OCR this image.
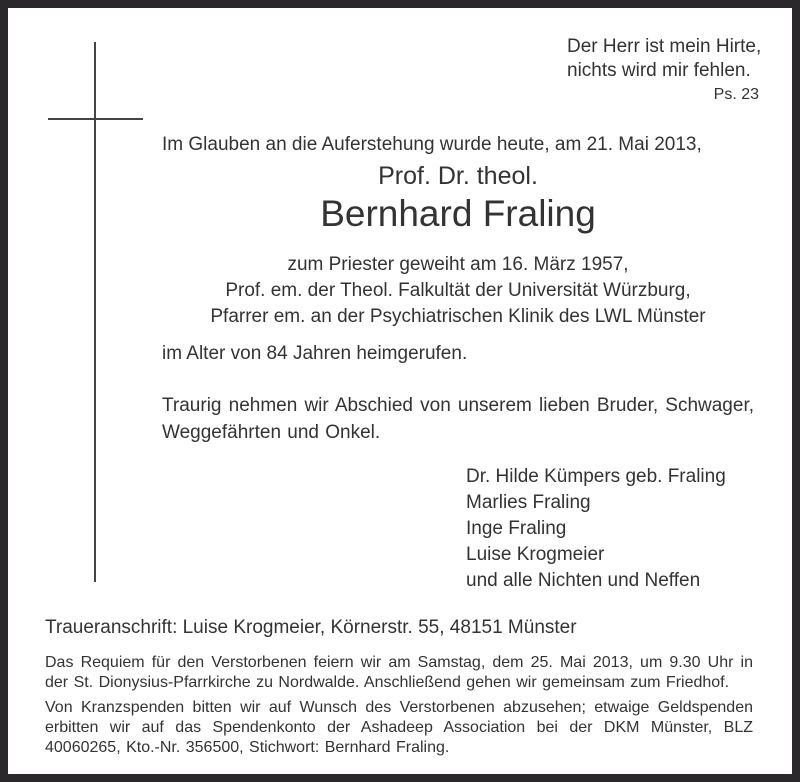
Der Herr ist mein Hirte,
nichts wird mir fehlen.
Ps. 23
Im Glauben an die Auferstehung wurde heute, am 21. Mai 2013,
Prof. Dr. theol.
Bernhard Fraling
zum Priester geweiht am 16. März 1957,
Prof. em. der Theol. Falkultät der Universität Würzburg,
Pfarrer em. an der Psychiatrischen Klinik des LWL Münster
im Alter von 84 Jahren heimgerufen.
Traurig nehmen wir Abschied von unserem lieben Bruder, Schwager, Weggefährten und Onkel.
Dr. Hilde Kümpers geb. Fraling
Marlies Fraling
Inge Fraling
Luise Krogmeier
und alle Nichten und Neffen
Traueranschrift: Luise Krogmeier, Körnerstr. 55, 48151 Münster

Das Requiem für den Verstorbenen feiern wir am Samstag, dem 25. Mai 2013, um 9.30 Uhr in der St. Dionysius-Pfarrkirche zu Nordwalde. Anschließend gehen wir gemeinsam zum Friedhof.

Von Kranzspenden bitten wir auf Wunsch des Verstorbenen abzusehen; etwaige Geldspenden erbitten wir auf das Spendenkonto der Ashadeep Association bei der DKM Münster, BLZ 40060265, Kto.-Nr. 356500, Stichwort: Bernhard Fraling.
